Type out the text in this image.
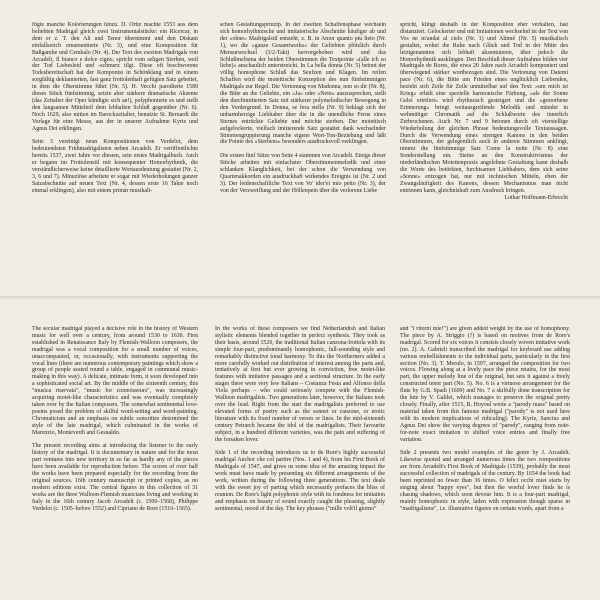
fügte manche Kolorierungen hinzu. D. Ortiz machte 1553 aus dem beliebten Madrigal gleich zwei Instrumentalstücke: ein Ricercar, in dem er z. T. den Alt und Tenor übernimmt und den Diskant einfallsreich ornamentierte (Nr. 3), und eine Komposition für Baßgambe und Cembalo (Nr. 4). Der Text des zweiten Madrigals von Arcadelt, Il bianco e dolce cigno, spricht vom seligen Sterben, weil der Tod Liebesleid und -schmerz tilgt. Diese oft beschworene Todesbereitschaft hat der Komponist in Schönklang und in einem sorgfältig deklamierten, fast ganz frottolenhaft gefügten Satz gebettet, in dem die Oberstimme führt (Nr. 5). H. Vecchi parodierte 1589 dieses Stück fünfstimmig, setzte aber stärkere dramatische Akzente (das Zeitalter der Oper kündigte sich an!), polyphonierte es und stellt den langsamen Mittelteil dem lebhaften Schluß gegenüber (Nr. 6). Noch 1629, also mitten im Barockzeitalter, benutzte St. Bernardi die Vorlage für eine Messe, aus der in unserer Aufnahme Kyrie und Agnus Dei erklingen.

Seite 3 vereinigt neun Kompositionen von Verdelot, dem bedeutendsten Frühmadrigalisten neben Arcadelt. Er veröffentlichte bereits 1537, zwei Jahre vor diesem, sein erstes Madrigalbuch. Auch er begann im Frottolenstil mit konsequenter Homorhythmik, die verständlicherweise keine detaillierte Wortausdeutung gestattet (Nr. 2, 3, 6 und 7). Minuziöse arbeitete er sogar mit Wiederholungen ganzer Satzabschnitte auf neuen Text (Nr. 4, dessen erste 16 Takte noch einmal erklingen), also mit einem primär musikali-

schen Gestaltungsprinzip. In der zweiten Schaffensphase wechseln sich homorhythmische und imitatorische Abschnitte häufiger ab und der »ohne« Madrigalstil entsteht, z. B. in Amor quanto piu lieto (Nr. 1), wo die »ganze Gesamtwerks« der Geliebten plötzlich durch Mensurwechsel (3/2-Takt) hervorgehoben wird und das Schlußmelisma der beiden Oberstimmen die Textpointe »(alle ich so liebe)« anschaulich unterstreicht. In La bella donna (Nr. 5) betont der völlig homophone Schluß das Seufzen und Klagen. Im reifen Schaffen wird die motettische Konzeption des nun fünfstimmigen Madrigals zur Regel. Die Vertonung von Madonna, non so dir (Nr. 8), die Bitte an die Geliebte, ein »Ja« oder »Nein« auszusprechen, stellt den durchimitierten Satz mit stärkerer polymelodischer Bewegung in den Vordergrund. In Donna, se fera stella (Nr. 9) beklagt sich der unbarmherzige Liebhaber über die in die unendliche Ferne eines Sternes entrückte Geliebte und möchte sterben. Der motettisch aufgelockerte, vielfach imitierende Satz gestattet dank wechselnder Stimmengruppierung manche eigene Wort-Ton-Beziehung und läßt die Pointe des »Sterbens« besonders ausdrucksvoll verklingen.

Die ersten fünf Sätze von Seite 4 stammen von Arcadelt. Einige dieser Stücke arbeiten mit einfachster Oberstimmenmelodik und einer schlanken Klanglichkeit, bei der schon die Verwendung von Quartenakkorden ein ausdruckhaft wirkendes Ereignis ist (Nr. 2 und 3). Der leidenschaftliche Text von Vo' ider'ei mio petto (Nr. 3), der von der Verzweiflung und der Höllenpein über die verlorene Liebe

spricht, klingt deshalb in der Komposition eher verhalten, fast distanziert. Gelockerter und mit Imitationen wechselnd ist der Text von Vos ne m'andai al cielo (Nr. 1) und Ahimé (Nr. 5) musikalisch gestaltet, wobei die Ruhe nach Glück und Tod in der Mitte des letztgenannten sich lebhaft akzentuieren, über jedoch die Homorhythmik ausklingen. Den Beschluß dieser Aufnahme bilden vier Madrigale de Rores, die etwa 20 Jahre nach Arcadelt komponiert und überwiegend stärker wortbezogen sind. Die Vertonung von Datemi pace (Nr. 6), die Bitte um Frieden eines unglücklich Liebenden, bezieht sich Zeile für Zeile unmittelbar auf den Text: »um mich ist Krieg« erhält eine spezielle harmonische Färbung, »als der Sonne Gelei ertrifert« wird rhythmisch gesteigert und die »gestorbene Erinnerung« bringt weitausgreifende Melodik und mündet in wehmütiger Chromatik auf die Schlußworte des innerlich Zerbrochenen. Auch Nr. 7 und 9 betonen durch oft vierstellige Wiederholung der gleichen Phrase bedeutungsvolle Textaussagen. Durch die Verwendung eines strengen Kanons in den beiden Oberstimmen, der gelegentlich auch in anderen Stimmen anklingt, nimmt die fünfstimmige Satz Come la notte (Nr. 8) eine Sonderstellung ein. Steine an den Konstruktivismus der niederländischen Motettenpraxis angelehnte Gestaltung kann deshalb die Worte des betörkten, furchtsamen Liebhabers, dem sich seine »Sonne« entzogen hat, nur mit technischen Mitteln, eben der Zwangsläufigkeit des Kanons, dessen Mechanismus man nicht entrinnen kann, gleichnishaft zum Ausdruck bringen.

Lothar Hoffmann-Erbrecht

The secular madrigal played a decisive role in the history of Western music for well over a century, from around 1530 to 1630. First established in Renaissance Italy by Flemish-Walloon composers, the madrigal was a vocal composition for a small number of voices, unaccompanied, or, occasionally, with instruments supporting the vocal lines (there are numerous contemporary paintings which show a group of people seated round a table, engaged in communal music-making in this way). A delicate, intimate form, it soon developed into a sophisticated social art. By the middle of the sixteenth century, this "musica riservata", "music for connoisseurs", was increasingly acquiring motet-like characteristics and was eventually completely taken over by the Italian composers. The somewhat sentimental love-poems posed the problem of skilful word-setting and word-painting. Chromaticism and an emphasis on subtle sonorities determined the style of the late madrigal, which culminated in the works of Marenzio, Monteverdi and Gesualdo.

The present recording aims at introducing the listener to the early history of the madrigal. It is documentary in nature and for the most part ventures into new territory in so far as hardly any of the pieces have been available for reproduction before. The scores of over half the works have been prepared especially for the recording from the original sources. 16th century manuscript or printed copies, as no modern editions exist. The central figures in this collection of 31 works are the three Walloon-Flemish musicians living and working in Italy in the 16th century Jacob Arcadelt (c. 1500–1568), Philippe Verdelot (c. 1505–before 1552) and Cipriano de Rore (1516–1565).

In the works of these composers we find Netherlandish and Italian stylistic elements blended together in perfect synthesis. They took as their basis, around 1520, the traditional Italian canzona-frottola with its simple four-part, predominantly homophonic, full-sounding style and remarkably distinctive tonal harmony. To this the Northerners added a more carefully worked out distribution of interest among the parts and, tentatively at first but ever growing in conviction, free motet-like features with imitative passages and a sectional structure. In the early stages there were very few Italians – Costanza Festa and Alfonso della Viola perhaps – who could seriously compete with the Flemish-Walloon madrigalists. Two generations later, however, the Italians took over the lead. Right from the start the madrigalists preferred to use elevated forms of poetry such as the sonnet or canzone, or erotic literature with its fixed number of verses or lines. In the mid-sixteenth century Petrarch became the idol of the madrigalists. Their favourite subject, in a hundred different varieties, was the pain and suffering of the forsaken lover.

Side 1 of the recording introduces us to de Rore's highly successful madrigal Anchor che col partire (Nos. 1 and 4), from his First Book of Madrigals of 1547, and gives us some idea of the amazing impact the work must have made by presenting six different arrangements of the work, written during the following three generations. The text deals with the sweet joy of parting which necessarily prefaces the bliss of reunion. De Rore's light polyphonic style with its fondness for imitation and emphasis on beauty of sound exactly caught the pleasing, slightly sentimental, mood of the day. The key phrases ("mille volt'il giorno"

and "i ritorni mie!") are given added weight by the use of homophony. The piece by A. Striggio (?) is based on motives from de Rore's madrigal. Scored for six voices it consists closely woven imitative work (no. 2). A. Gabrieli transcribed the madrigal for keyboard use adding various embellishments to the individual parts, particularly in the first section (No. 3). T. Merulo, in 1597, arranged the composition for two voices. Flowing along at a lively pace the piece retains, for the most part, the upper melody line of the original, but sets it against a freely constructed tenor part (No. 5). No. 6 is a virtuoso arrangement for the flute by G.B. Spadi (1609) and No. 7 a skilfully done transcription for the lute by V. Galilei, which manages to preserve the original pretty closely. Finally, after 1515, B. Hoyoul wrote a "parody mass" based on material taken from this famous madrigal ("parody" is not used here with its modern implications of ridiculing). The Kyrie, Sanctus and Agnus Dei show the varying degrees of "parody", ranging from note-for-note exact imitation to shifted voice entries and finally free variation.

Side 2 presents two model examples of the genre by J. Arcadelt. Likewise quoted and arranged numerous times the two compositions are from Arcadelt's First Book of Madrigals (1539), probably the most successful collection of madrigals of the century. By 1654 the book had been reprinted no fewer than 36 times. O felici occhi miei starts by singing about "happy eyes", but then the woeful lover finds he is chasing shadows, which soon devour him. It is a four-part madrigal, mainly homophonic in style, laden with expression though sparse in "madrigalisms", i.e. illustrative figures on certain words, apart from a
